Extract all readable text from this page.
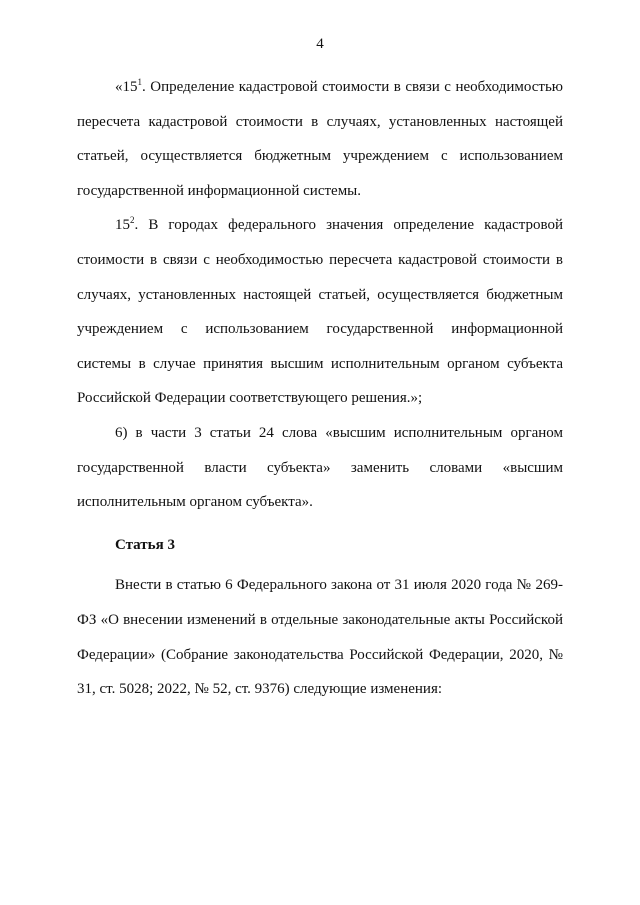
4

«$15^1$. Определение кадастровой стоимости в связи с необходимостью пересчета кадастровой стоимости в случаях, установленных настоящей статьей, осуществляется бюджетным учреждением с использованием государственной информационной системы.

$15^2$. В городах федерального значения определение кадастровой стоимости в связи с необходимостью пересчета кадастровой стоимости в случаях, установленных настоящей статьей, осуществляется бюджетным учреждением с использованием государственной информационной системы в случае принятия высшим исполнительным органом субъекта Российской Федерации соответствующего решения.»;

6) в части 3 статьи 24 слова «высшим исполнительным органом государственной власти субъекта» заменить словами «высшим исполнительным органом субъекта».

Статья 3

Внести в статью 6 Федерального закона от 31 июля 2020 года № 269-ФЗ «О внесении изменений в отдельные законодательные акты Российской Федерации» (Собрание законодательства Российской Федерации, 2020, № 31, ст. 5028; 2022, № 52, ст. 9376) следующие изменения:
